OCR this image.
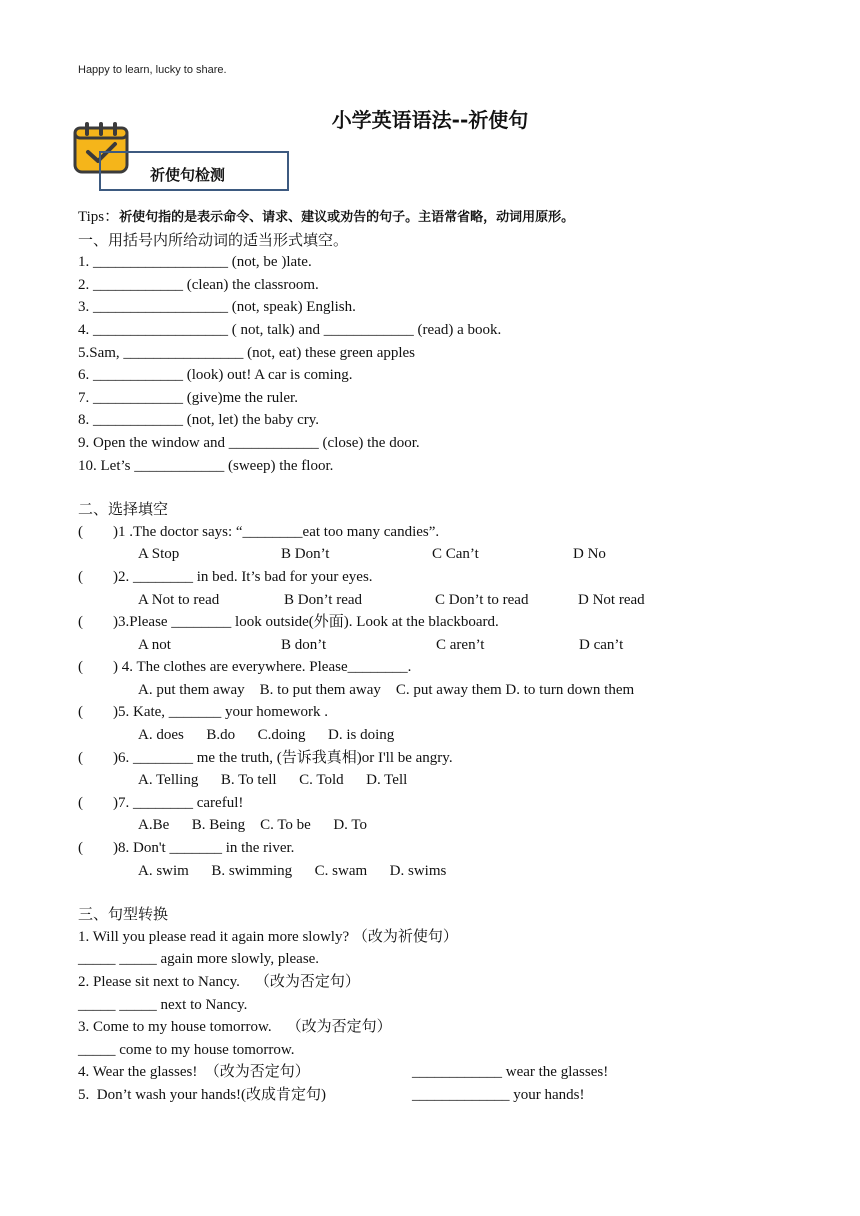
Happy to learn, lucky to share.
小学英语语法--祈使句
祈使句检测
Tips：祈使句指的是表示命令、请求、建议或劝告的句子。主语常省略，动词用原形。
一、用括号内所给动词的适当形式填空。
1. __________________ (not, be )late.
2. ____________ (clean) the classroom.
3. __________________ (not, speak) English.
4. __________________ ( not, talk) and ____________ (read) a book.
5.Sam, ________________ (not, eat) these green apples
6. ____________ (look) out! A car is coming.
7. ____________ (give)me the ruler.
8. ____________ (not, let) the baby cry.
9. Open the window and ____________ (close) the door.
10. Let’s ____________ (sweep) the floor.
二、选择填空
(        )1 .The doctor says: “________eat too many candies”.
A Stop	B Don’t	C Can’t	D No
(        )2. ________ in bed. It’s bad for your eyes.
A Not to read	B Don’t read	C Don’t to read	D Not read
(        )3.Please ________ look outside(外面). Look at the blackboard.
A not	B don’t	C aren’t	D can’t
(        ) 4. The clothes are everywhere. Please________.
A. put them away    B. to put them away    C. put away them D. to turn down them
(        )5. Kate, _______ your homework .
A. does      B.do      C.doing      D. is doing
(        )6. ________ me the truth, (告诉我真相)or I'll be angry.
A. Telling      B. To tell      C. Told      D. Tell
(        )7. ________ careful!
A.Be      B. Being    C. To be      D. To
(        )8. Don't _______ in the river.
A. swim      B. swimming      C. swam      D. swims
三、句型转换
1. Will you please read it again more slowly? （改为祈使句）
_____ _____ again more slowly, please.
2. Please sit next to Nancy.    （改为否定句）
_____ _____ next to Nancy.
3. Come to my house tomorrow.    （改为否定句）
_____ come to my house tomorrow.
4. Wear the glasses!  （改为否定句）	____________ wear the glasses!
5.  Don’t wash your hands!(改成肯定句)	_____________ your hands!
